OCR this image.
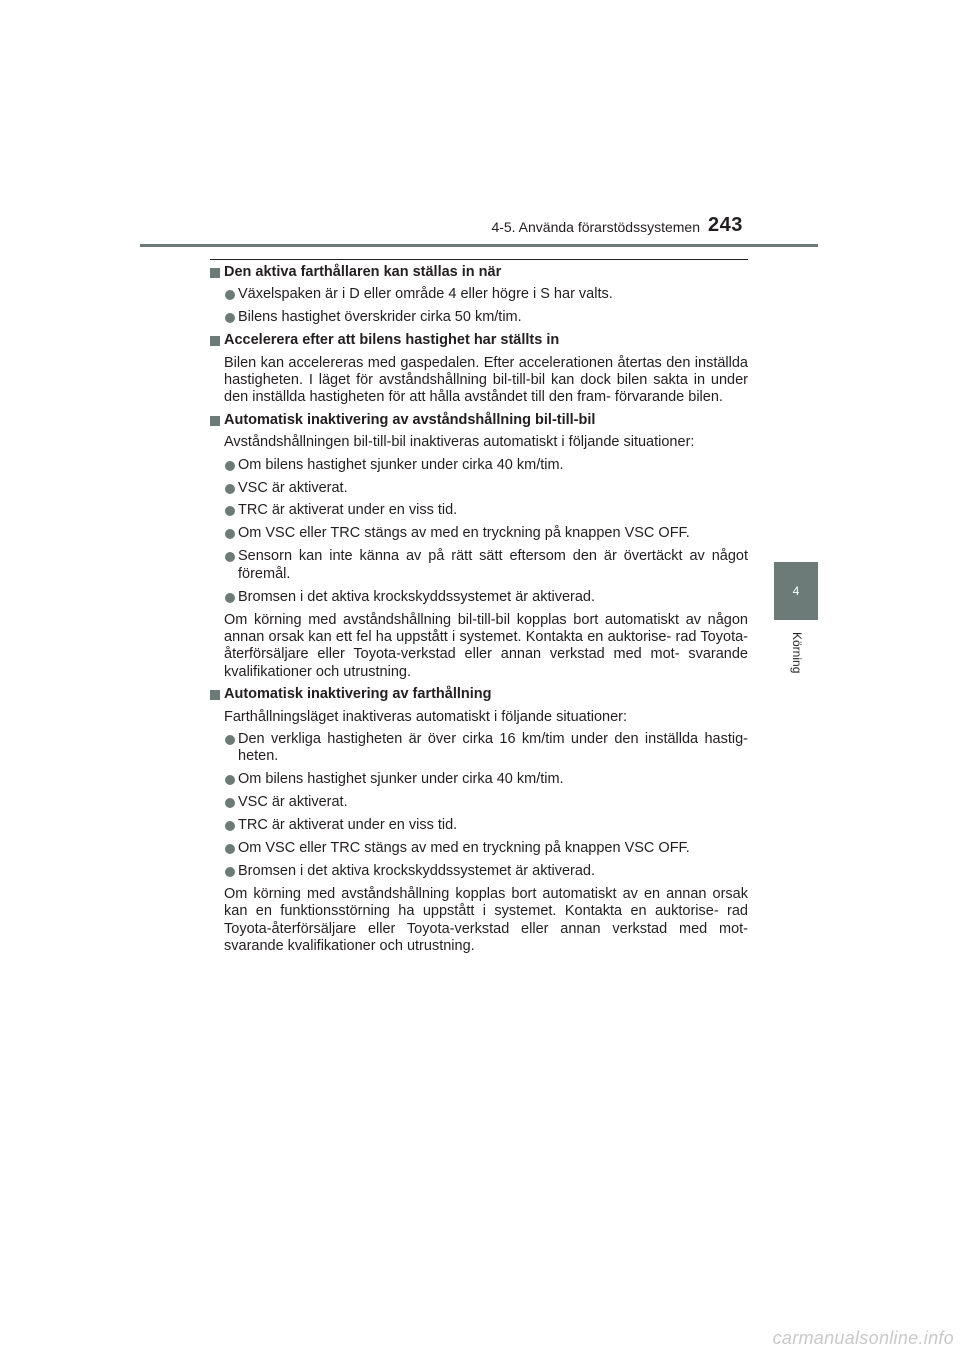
4-5. Använda förarstödssystemen 243
4
Körning
Den aktiva farthållaren kan ställas in när
Växelspaken är i D eller område 4 eller högre i S har valts.
Bilens hastighet överskrider cirka 50 km/tim.
Accelerera efter att bilens hastighet har ställts in
Bilen kan accelereras med gaspedalen. Efter accelerationen återtas den inställda hastigheten. I läget för avståndshållning bil-till-bil kan dock bilen sakta in under den inställda hastigheten för att hålla avståndet till den fram- förvarande bilen.
Automatisk inaktivering av avståndshållning bil-till-bil
Avståndshållningen bil-till-bil inaktiveras automatiskt i följande situationer:
Om bilens hastighet sjunker under cirka 40 km/tim.
VSC är aktiverat.
TRC är aktiverat under en viss tid.
Om VSC eller TRC stängs av med en tryckning på knappen VSC OFF.
Sensorn kan inte känna av på rätt sätt eftersom den är övertäckt av något föremål.
Bromsen i det aktiva krockskyddssystemet är aktiverad.
Om körning med avståndshållning bil-till-bil kopplas bort automatiskt av någon annan orsak kan ett fel ha uppstått i systemet. Kontakta en auktorise- rad Toyota-återförsäljare eller Toyota-verkstad eller annan verkstad med mot- svarande kvalifikationer och utrustning.
Automatisk inaktivering av farthållning
Farthållningsläget inaktiveras automatiskt i följande situationer:
Den verkliga hastigheten är över cirka 16 km/tim under den inställda hastig- heten.
Om bilens hastighet sjunker under cirka 40 km/tim.
VSC är aktiverat.
TRC är aktiverat under en viss tid.
Om VSC eller TRC stängs av med en tryckning på knappen VSC OFF.
Bromsen i det aktiva krockskyddssystemet är aktiverad.
Om körning med avståndshållning kopplas bort automatiskt av en annan orsak kan en funktionsstörning ha uppstått i systemet. Kontakta en auktorise- rad Toyota-återförsäljare eller Toyota-verkstad eller annan verkstad med mot- svarande kvalifikationer och utrustning.
carmanualsonline.info
